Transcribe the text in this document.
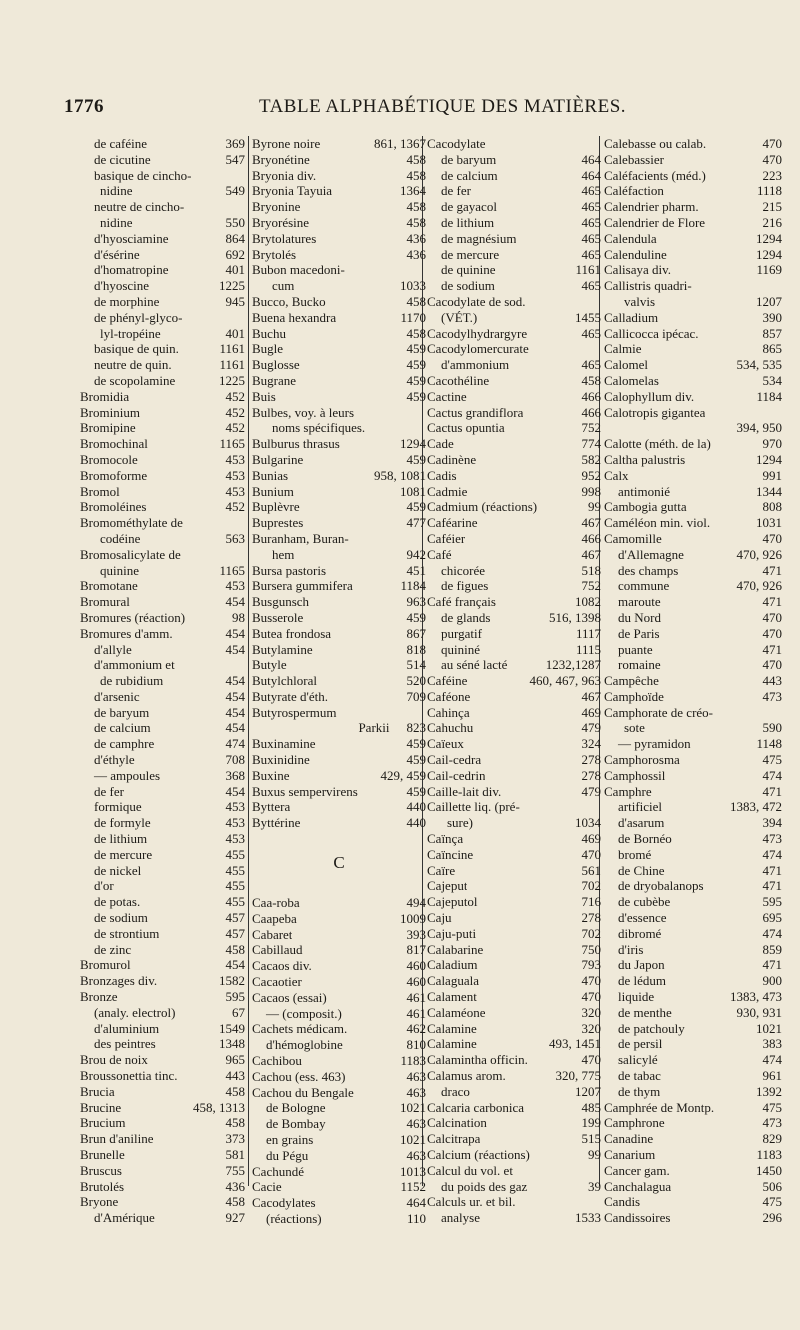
1776	TABLE ALPHABÉTIQUE DES MATIÈRES.
de caféine	369
de cicutine	547
basique de cincho-
nidine	549
neutre de cincho-
nidine	550
d'hyosciamine	864
d'ésérine	692
d'homatropine	401
d'hyoscine	1225
de morphine	945
de phényl-glyco-
lyl-tropéine	401
basique de quin.	1161
neutre de quin.	1161
de scopolamine	1225
Bromidia	452
Brominium	452
Bromipine	452
Bromochinal	1165
Bromocole	453
Bromoforme	453
Bromol	453
Bromoléines	452
Bromométhylate de
codéine	563
Bromosalicylate de
quinine	1165
Bromotane	453
Bromural	454
Bromures (réaction)	98
Bromures d'amm.	454
d'allyle	454
d'ammonium et
de rubidium	454
d'arsenic	454
de baryum	454
de calcium	454
de camphre	474
d'éthyle	708
— ampoules	368
de fer	454
formique	453
de formyle	453
de lithium	453
de mercure	455
de nickel	455
d'or	455
de potas.	455
de sodium	457
de strontium	457
de zinc	458
Bromurol	454
Bronzages div.	1582
Bronze	595
(analy. electrol)	67
d'aluminium	1549
des peintres	1348
Brou de noix	965
Broussonettia tinc.	443
Brucia	458
Brucine	458, 1313
Brucium	458
Brun d'aniline	373
Brunelle	581
Bruscus	755
Brutolés	436
Bryone	458
d'Amérique	927
Byrone noire	861, 1367
Bryonétine	458
Bryonia div.	458
Bryonia Tayuia	1364
Bryonine	458
Bryorésine	458
Brytolatures	436
Brytolés	436
Bubon macedoni-
cum	1033
Bucco, Bucko	458
Buena hexandra	1170
Buchu	458
Bugle	459
Buglosse	459
Bugrane	459
Buis	459
Bulbes, voy. à leurs
noms spécifiques.
Bulburus thrasus	1294
Bulgarine	459
Bunias	958, 1081
Bunium	1081
Buplèvre	459
Buprestes	477
Buranham, Buran-
hem	942
Bursa pastoris	451
Bursera gummifera	1184
Busgunsch	963
Busserole	459
Butea frondosa	867
Butylamine	818
Butyle	514
Butylchloral	520
Butyrate d'éth.	709
Butyrospermum
Parkii	823
Buxinamine	459
Buxinidine	459
Buxine	429, 459
Buxus sempervirens	459
Byttera	440
Byttérine	440
C
Caa-roba	494
Caapeba	1009
Cabaret	393
Cabillaud	817
Cacaos div.	460
Cacaotier	460
Cacaos (essai)	461
— (composit.)	461
Cachets médicam.	462
d'hémoglobine	810
Cachibou	1183
Cachou (ess. 463)	463
Cachou du Bengale	463
de Bologne	1021
de Bombay	463
en grains	1021
du Pégu	463
Cachundé	1013
Cacie	1152
Cacodylates	464
(réactions)	110
Cacodylate
de baryum	464
de calcium	464
de fer	465
de gayacol	465
de lithium	465
de magnésium	465
de mercure	465
de quinine	1161
de sodium	465
Cacodylate de sod.
(VÉT.)	1455
Cacodylhydrargyre	465
Cacodylomercurate
d'ammonium	465
Cacothéline	458
Cactine	466
Cactus grandiflora	466
Cactus opuntia	752
Cade	774
Cadinène	582
Cadis	952
Cadmie	998
Cadmium (réactions)	99
Caféarine	467
Caféier	466
Café	467
chicorée	518
de figues	752
Café français	1082
de glands	516, 1398
purgatif	1117
quininé	1115
au séné lacté	1232,1287
Caféine	460, 467, 963
Caféone	467
Cahinça	469
Cahuchu	479
Caïeux	324
Cail-cedra	278
Cail-cedrin	278
Caille-lait div.	479
Caillette liq. (pré-
sure)	1034
Caïnça	469
Caïncine	470
Caïre	561
Cajeput	702
Cajeputol	716
Caju	278
Caju-puti	702
Calabarine	750
Caladium	793
Calaguala	470
Calament	470
Calaméone	320
Calamine	320
Calamine	493, 1451
Calamintha officin.	470
Calamus arom.	320, 775
draco	1207
Calcaria carbonica	485
Calcination	199
Calcitrapa	515
Calcium (réactions)	99
Calcul du vol. et
du poids des gaz	39
Calculs ur. et bil.
analyse	1533
Calebasse ou calab.	470
Calebassier	470
Caléfacients (méd.)	223
Caléfaction	1118
Calendrier pharm.	215
Calendrier de Flore	216
Calendula	1294
Calenduline	1294
Calisaya div.	1169
Callistris quadri-
valvis	1207
Calladium	390
Callicocca ipécac.	857
Calmie	865
Calomel	534, 535
Calomelas	534
Calophyllum div.	1184
Calotropis gigantea
394, 950
Calotte (méth. de la)	970
Caltha palustris	1294
Calx	991
antimonié	1344
Cambogia gutta	808
Caméléon min. viol.	1031
Camomille	470
d'Allemagne	470, 926
des champs	471
commune	470, 926
maroute	471
du Nord	470
de Paris	470
puante	471
romaine	470
Campêche	443
Camphoïde	473
Camphorate de créo-
sote	590
— pyramidon	1148
Camphorosma	475
Camphossil	474
Camphre	471
artificiel	1383, 472
d'asarum	394
de Bornéo	473
bromé	474
de Chine	471
de dryobalanops	471
de cubèbe	595
d'essence	695
dibromé	474
d'iris	859
du Japon	471
de lédum	900
liquide	1383, 473
de menthe	930, 931
de patchouly	1021
de persil	383
salicylé	474
de tabac	961
de thym	1392
Camphrée de Montp.	475
Camphrone	473
Canadine	829
Canarium	1183
Cancer gam.	1450
Canchalagua	506
Candis	475
Candissoires	296
